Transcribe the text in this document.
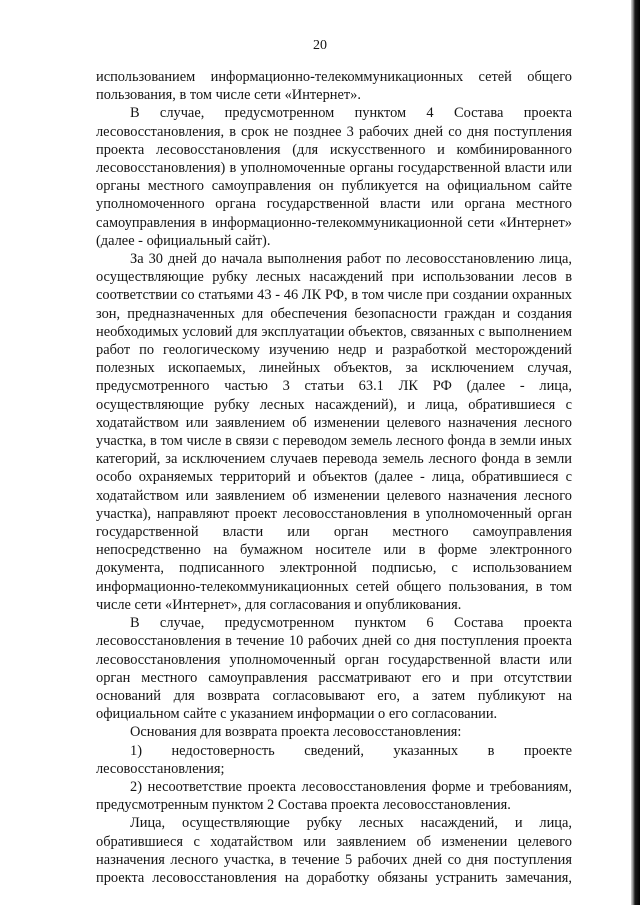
20

использованием информационно-телекоммуникационных сетей общего пользования, в том числе сети «Интернет».

В случае, предусмотренном пунктом 4 Состава проекта лесовосстановления, в срок не позднее 3 рабочих дней со дня поступления проекта лесовосстановления (для искусственного и комбинированного лесовосстановления) в уполномоченные органы государственной власти или органы местного самоуправления он публикуется на официальном сайте уполномоченного органа государственной власти или органа местного самоуправления в информационно-телекоммуникационной сети «Интернет» (далее - официальный сайт).

За 30 дней до начала выполнения работ по лесовосстановлению лица, осуществляющие рубку лесных насаждений при использовании лесов в соответствии со статьями 43 - 46 ЛК РФ, в том числе при создании охранных зон, предназначенных для обеспечения безопасности граждан и создания необходимых условий для эксплуатации объектов, связанных с выполнением работ по геологическому изучению недр и разработкой месторождений полезных ископаемых, линейных объектов, за исключением случая, предусмотренного частью 3 статьи 63.1 ЛК РФ (далее - лица, осуществляющие рубку лесных насаждений), и лица, обратившиеся с ходатайством или заявлением об изменении целевого назначения лесного участка, в том числе в связи с переводом земель лесного фонда в земли иных категорий, за исключением случаев перевода земель лесного фонда в земли особо охраняемых территорий и объектов (далее - лица, обратившиеся с ходатайством или заявлением об изменении целевого назначения лесного участка), направляют проект лесовосстановления в уполномоченный орган государственной власти или орган местного самоуправления непосредственно на бумажном носителе или в форме электронного документа, подписанного электронной подписью, с использованием информационно-телекоммуникационных сетей общего пользования, в том числе сети «Интернет», для согласования и опубликования.

В случае, предусмотренном пунктом 6 Состава проекта лесовосстановления в течение 10 рабочих дней со дня поступления проекта лесовосстановления уполномоченный орган государственной власти или орган местного самоуправления рассматривают его и при отсутствии оснований для возврата согласовывают его, а затем публикуют на официальном сайте с указанием информации о его согласовании.

Основания для возврата проекта лесовосстановления:

1) недостоверность сведений, указанных в проекте лесовосстановления;

2) несоответствие проекта лесовосстановления форме и требованиям, предусмотренным пунктом 2 Состава проекта лесовосстановления.

Лица, осуществляющие рубку лесных насаждений, и лица, обратившиеся с ходатайством или заявлением об изменении целевого назначения лесного участка, в течение 5 рабочих дней со дня поступления проекта лесовосстановления на доработку обязаны устранить замечания,
